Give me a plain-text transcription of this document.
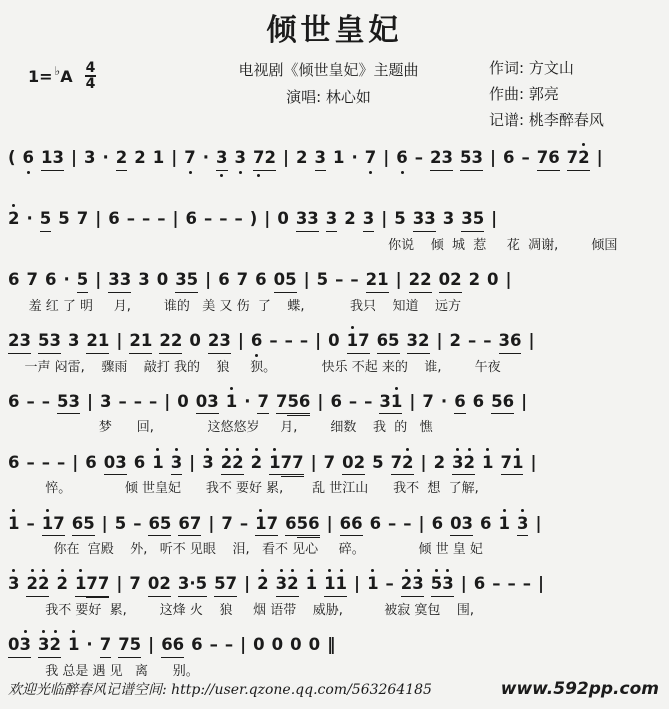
倾世皇妃
1= ♭ A $\frac{4}{4}$	电视剧《倾世皇妃》主题曲
演唱: 林心如
作词: 方文山
作曲: 郭亮
记谱: 桃李醉春风
( 6 13 | 3 · 2 2 1 | 7 · 3 3 72 | 2 3 1 · 7 | 6 – 23 53 | 6 – 76 72 |

2 · 5 5 7 | 6 – – – | 6 – – – ) | 0 33 3 2 3 | 5 33 3 35 |
你说    倾  城  惹     花  凋谢,        倾国
6 7 6 · 5 | 33 3 0 35 | 6 7 6 05 | 5 – – 21 | 22 02 2 0 |
羞 红 了 明     月,        谁的   美 又 伤  了    蝶,           我只    知道    远方
23 53 3 21 | 21 22 0 23 | 6 – – – | 0 17 65 32 | 2 – – 36 |
一声 闷雷,    骤雨    敲打 我的    狼     狈。           快乐 不起 来的    谁,        午夜
6 – – 53 | 3 – – – | 0 03 1 · 7 756 | 6 – – 31 | 7 · 6 6 56 |
梦      回,             这悠悠岁     月,        细数    我  的   憔
6 – – – | 6 03 6 1 3 | 3 22 2 177 | 7 02 5 72 | 2 32 1 71 |
悴。             倾 世皇妃      我不 要好 累,       乱 世江山      我不  想  了解,
1 – 17 65 | 5 – 65 67 | 7 – 17 656 | 66 6 – – | 6 03 6 1 3 |
你在  宫殿    外,   听不 见眼    泪,   看不 见心     碎。             倾 世 皇 妃
3 22 2 177 | 7 02 3·5 57 | 2 32 1 11 | 1 – 23 53 | 6 – – – |
我不 要好  累,        这烽 火    狼     烟 语带    威胁,          被寂 寞包    围,
03 32 1 · 7 75 | 66 6 – – | 0 0 0 0 ‖
我 总是 遇 见   离      别。
欢迎光临醉春风记谱空间: http://user.qzone.qq.com/563264185	www.592pp.com
